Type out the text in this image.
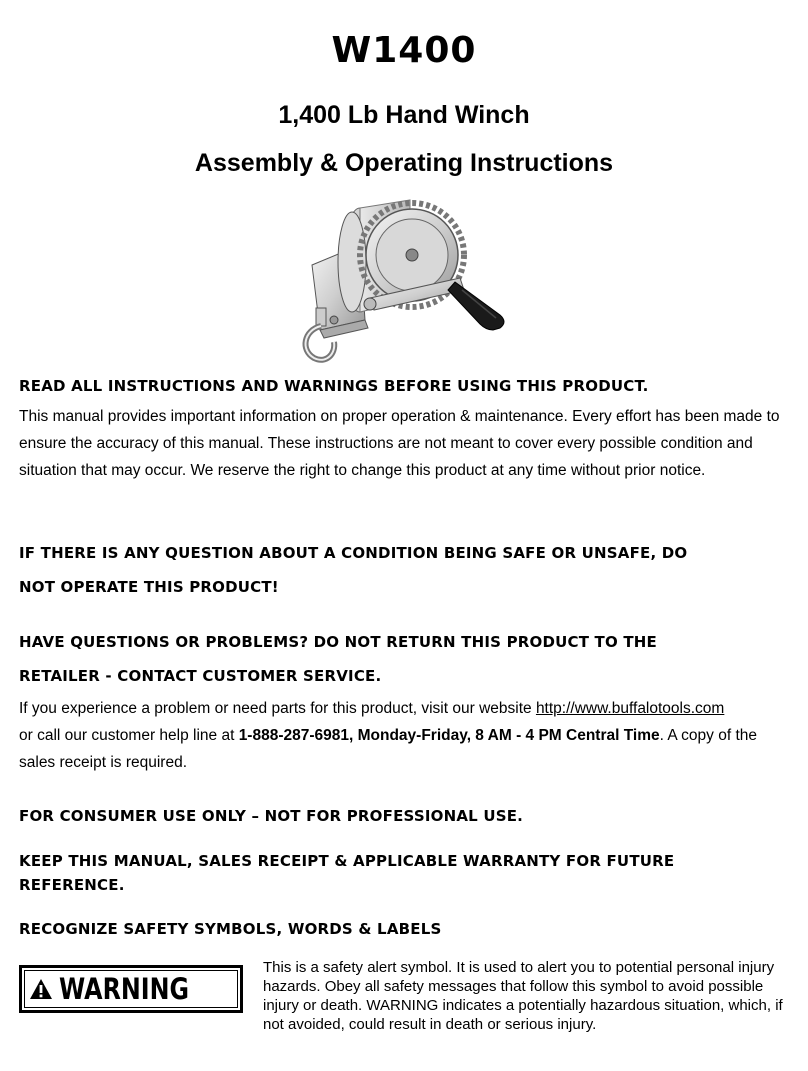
W1400
1,400 Lb Hand Winch
Assembly & Operating Instructions
READ ALL INSTRUCTIONS AND WARNINGS BEFORE USING THIS PRODUCT.
This manual provides important information on proper operation & maintenance. Every effort has been made to ensure the accuracy of this manual. These instructions are not meant to cover every possible condition and situation that may occur. We reserve the right to change this product at any time without prior notice.
IF THERE IS ANY QUESTION ABOUT A CONDITION BEING SAFE OR UNSAFE, DO
NOT OPERATE THIS PRODUCT!
HAVE QUESTIONS OR PROBLEMS? DO NOT RETURN THIS PRODUCT TO THE
RETAILER - CONTACT CUSTOMER SERVICE.
If you experience a problem or need parts for this product, visit our website http://www.buffalotools.com
or call our customer help line at 1-888-287-6981, Monday-Friday, 8 AM - 4 PM Central Time. A copy of the
sales receipt is required.
FOR CONSUMER USE ONLY – NOT FOR PROFESSIONAL USE.
KEEP THIS MANUAL, SALES RECEIPT & APPLICABLE WARRANTY FOR FUTURE
REFERENCE.
RECOGNIZE SAFETY SYMBOLS, WORDS & LABELS
WARNING
This is a safety alert symbol. It is used to alert you to potential personal injury hazards. Obey all safety messages that follow this symbol to avoid possible injury or death. WARNING indicates a potentially hazardous situation, which, if not avoided, could result in death or serious injury.
